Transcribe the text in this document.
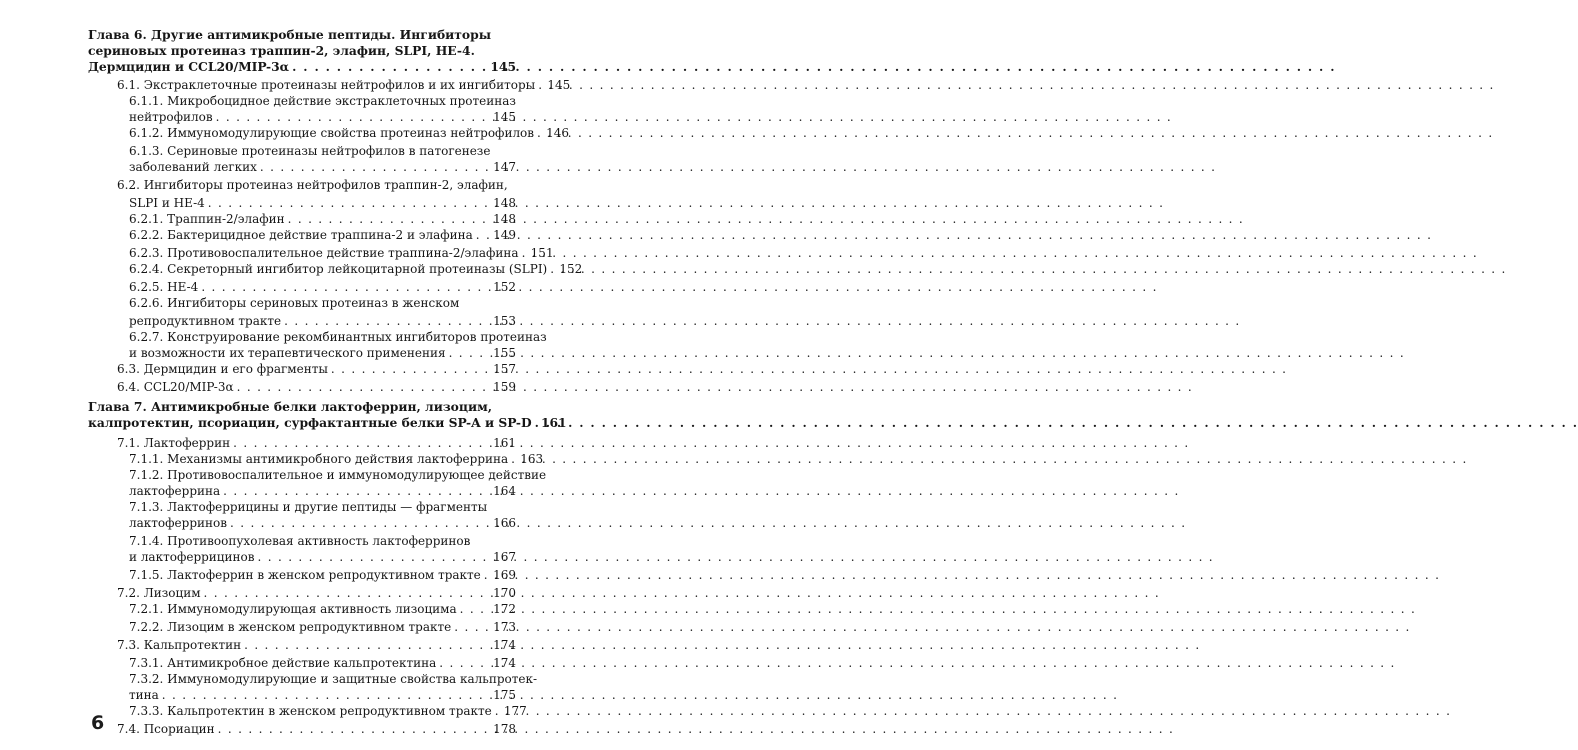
Глава 6. Другие антимикробные пептиды. Ингибиторы
сериновых протеиназ траппин-2, элафин, SLPI, HE-4.
Дермцидин и CCL20/MIP-3α . . .	145
6.1. Экстраклеточные протеиназы нейтрофилов и их ингибиторы . . . 145
6.1.1. Микробоцидное действие экстраклеточных протеиназ
нейтрофилов . . .	145
6.1.2. Иммуномодулирующие свойства протеиназ нейтрофилов . . . 146
6.1.3. Сериновые протеиназы нейтрофилов в патогенезе
заболеваний легких . . .	147
6.2. Ингибиторы протеиназ нейтрофилов траппин-2, элафин,
SLPI и HE-4 . . .	148
6.2.1. Траппин-2/элафин . . .	148
6.2.2. Бактерицидное действие траппина-2 и элафина . . . 149
6.2.3. Противовоспалительное действие траппина-2/элафина . . . 151
6.2.4. Секреторный ингибитор лейкоцитарной протеиназы (SLPI) . . . 152
6.2.5. HE-4 . . .	152
6.2.6. Ингибиторы сериновых протеиназ в женском
репродуктивном тракте . . .	153
6.2.7. Конструирование рекомбинантных ингибиторов протеиназ
и возможности их терапевтического применения . . .	155
6.3. Дермцидин и его фрагменты . . .	157
6.4. CCL20/MIP-3α . . .	159
Глава 7. Антимикробные белки лактоферрин, лизоцим,
калпротектин, псориацин, сурфактантные белки SP-A и SP-D . . . 161
7.1. Лактоферрин . . .	161
7.1.1. Механизмы антимикробного действия лактоферрина . . . 163
7.1.2. Противовоспалительное и иммуномодулирующее действие
лактоферрина . . .	164
7.1.3. Лактоферрицины и другие пептиды — фрагменты
лактоферринов . . .	166
7.1.4. Противоопухолевая активность лактоферринов
и лактоферрицинов . . .	167
7.1.5. Лактоферрин в женском репродуктивном тракте . . . 169
7.2. Лизоцим . . .	170
7.2.1. Иммуномодулирующая активность лизоцима . . .	172
7.2.2. Лизоцим в женском репродуктивном тракте . . .	173
7.3. Кальпротектин . . .	174
7.3.1. Антимикробное действие кальпротектина . . .	174
7.3.2. Иммуномодулирующие и защитные свойства кальпротек-
тина . . .	175
7.3.3. Кальпротектин в женском репродуктивном тракте . . . 177
7.4. Псориацин . . .	178
6
